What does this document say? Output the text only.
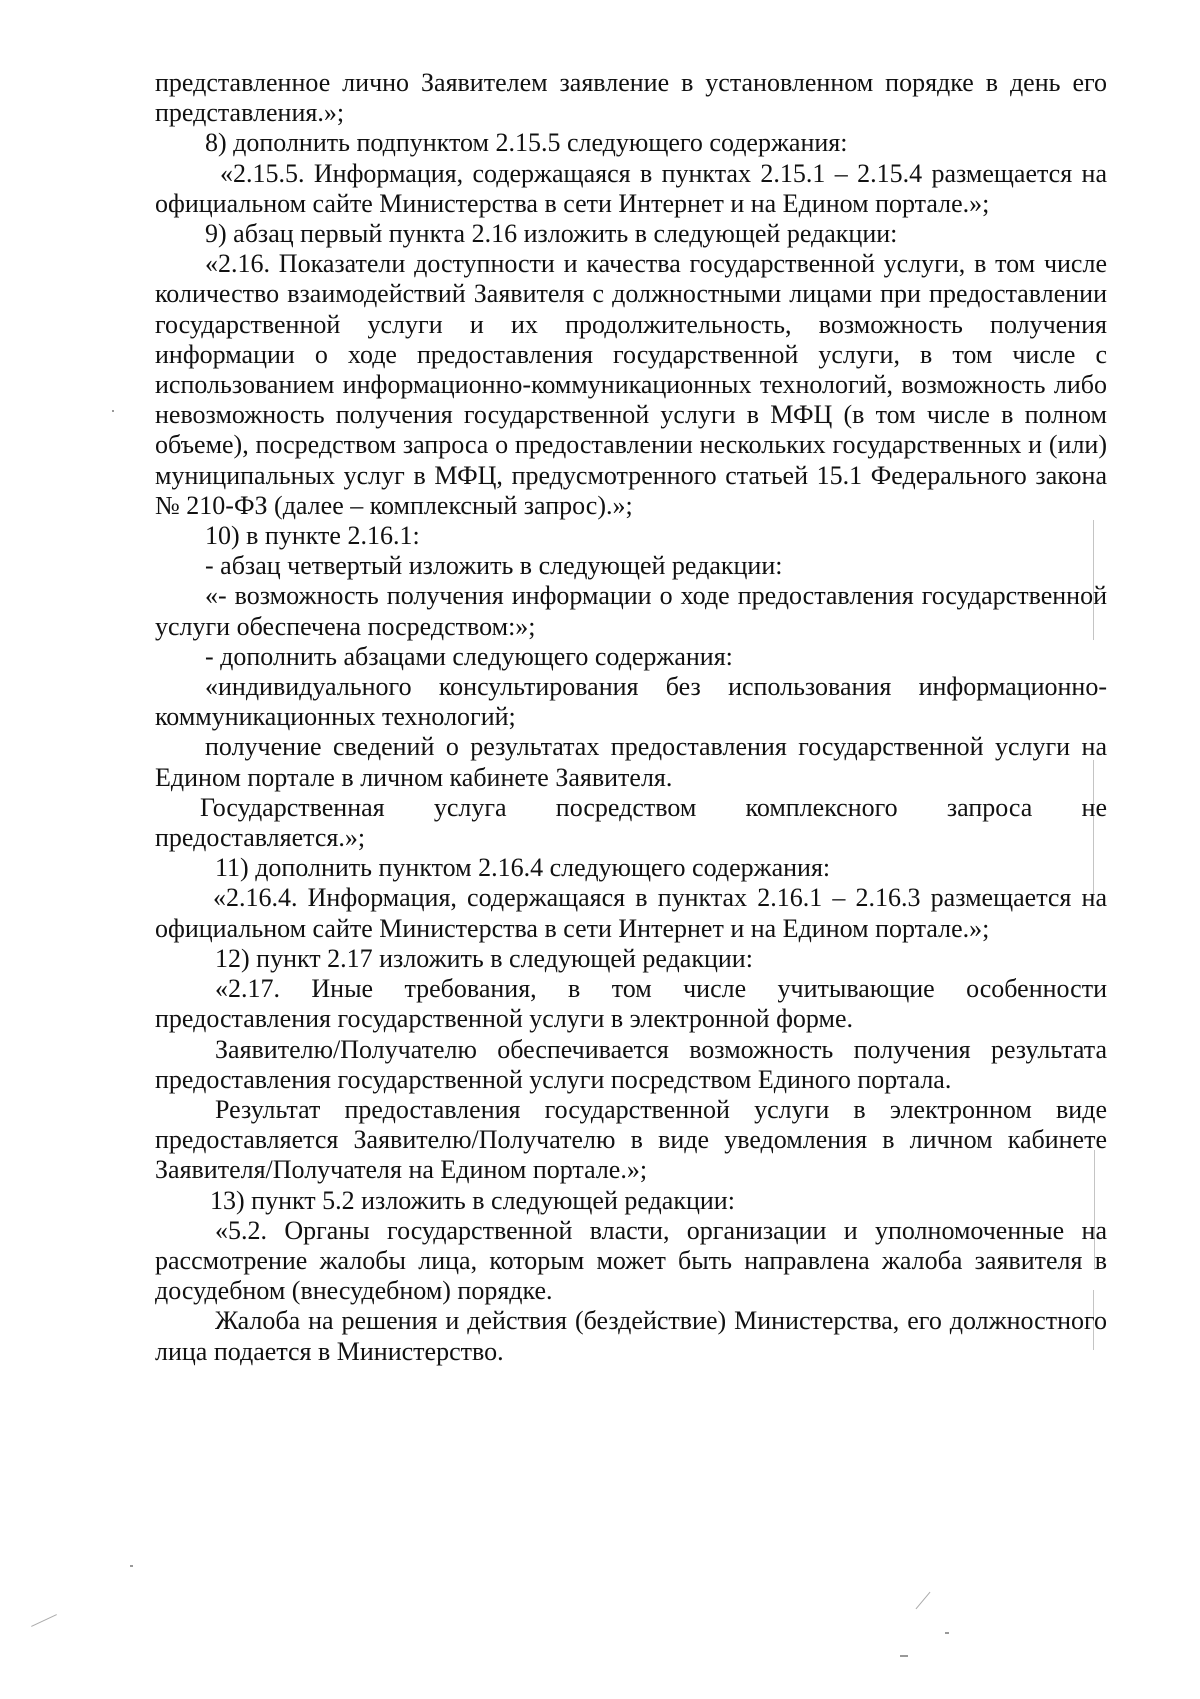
представленное лично Заявителем заявление в установленном порядке в день его представления.»;

8) дополнить подпунктом 2.15.5 следующего содержания:

«2.15.5. Информация, содержащаяся в пунктах 2.15.1 – 2.15.4 размещается на официальном сайте Министерства в сети Интернет и на Едином портале.»;

9) абзац первый пункта 2.16 изложить в следующей редакции:

«2.16. Показатели доступности и качества государственной услуги, в том числе количество взаимодействий Заявителя с должностными лицами при предоставлении государственной услуги и их продолжительность, возможность получения информации о ходе предоставления государственной услуги, в том числе с использованием информационно-коммуникационных технологий, возможность либо невозможность получения государственной услуги в МФЦ (в том числе в полном объеме), посредством запроса о предоставлении нескольких государственных и (или) муниципальных услуг в МФЦ, предусмотренного статьей 15.1 Федерального закона № 210-ФЗ (далее – комплексный запрос).»;

10) в пункте 2.16.1:

- абзац четвертый изложить в следующей редакции:

«- возможность получения информации о ходе предоставления государственной услуги обеспечена посредством:»;

- дополнить абзацами следующего содержания:

«индивидуального консультирования без использования информационно-коммуникационных технологий;

получение сведений о результатах предоставления государственной услуги на Едином портале в личном кабинете Заявителя.

Государственная услуга посредством комплексного запроса не предоставляется.»;

11) дополнить пунктом 2.16.4 следующего содержания:

«2.16.4. Информация, содержащаяся в пунктах 2.16.1 – 2.16.3 размещается на официальном сайте Министерства в сети Интернет и на Едином портале.»;

12) пункт 2.17 изложить в следующей редакции:

«2.17. Иные требования, в том числе учитывающие особенности предоставления государственной услуги в электронной форме.

Заявителю/Получателю обеспечивается возможность получения результата предоставления государственной услуги посредством Единого портала.

Результат предоставления государственной услуги в электронном виде предоставляется Заявителю/Получателю в виде уведомления в личном кабинете Заявителя/Получателя на Едином портале.»;

13) пункт 5.2 изложить в следующей редакции:

«5.2. Органы государственной власти, организации и уполномоченные на рассмотрение жалобы лица, которым может быть направлена жалоба заявителя в досудебном (внесудебном) порядке.

Жалоба на решения и действия (бездействие) Министерства, его должностного лица подается в Министерство.
